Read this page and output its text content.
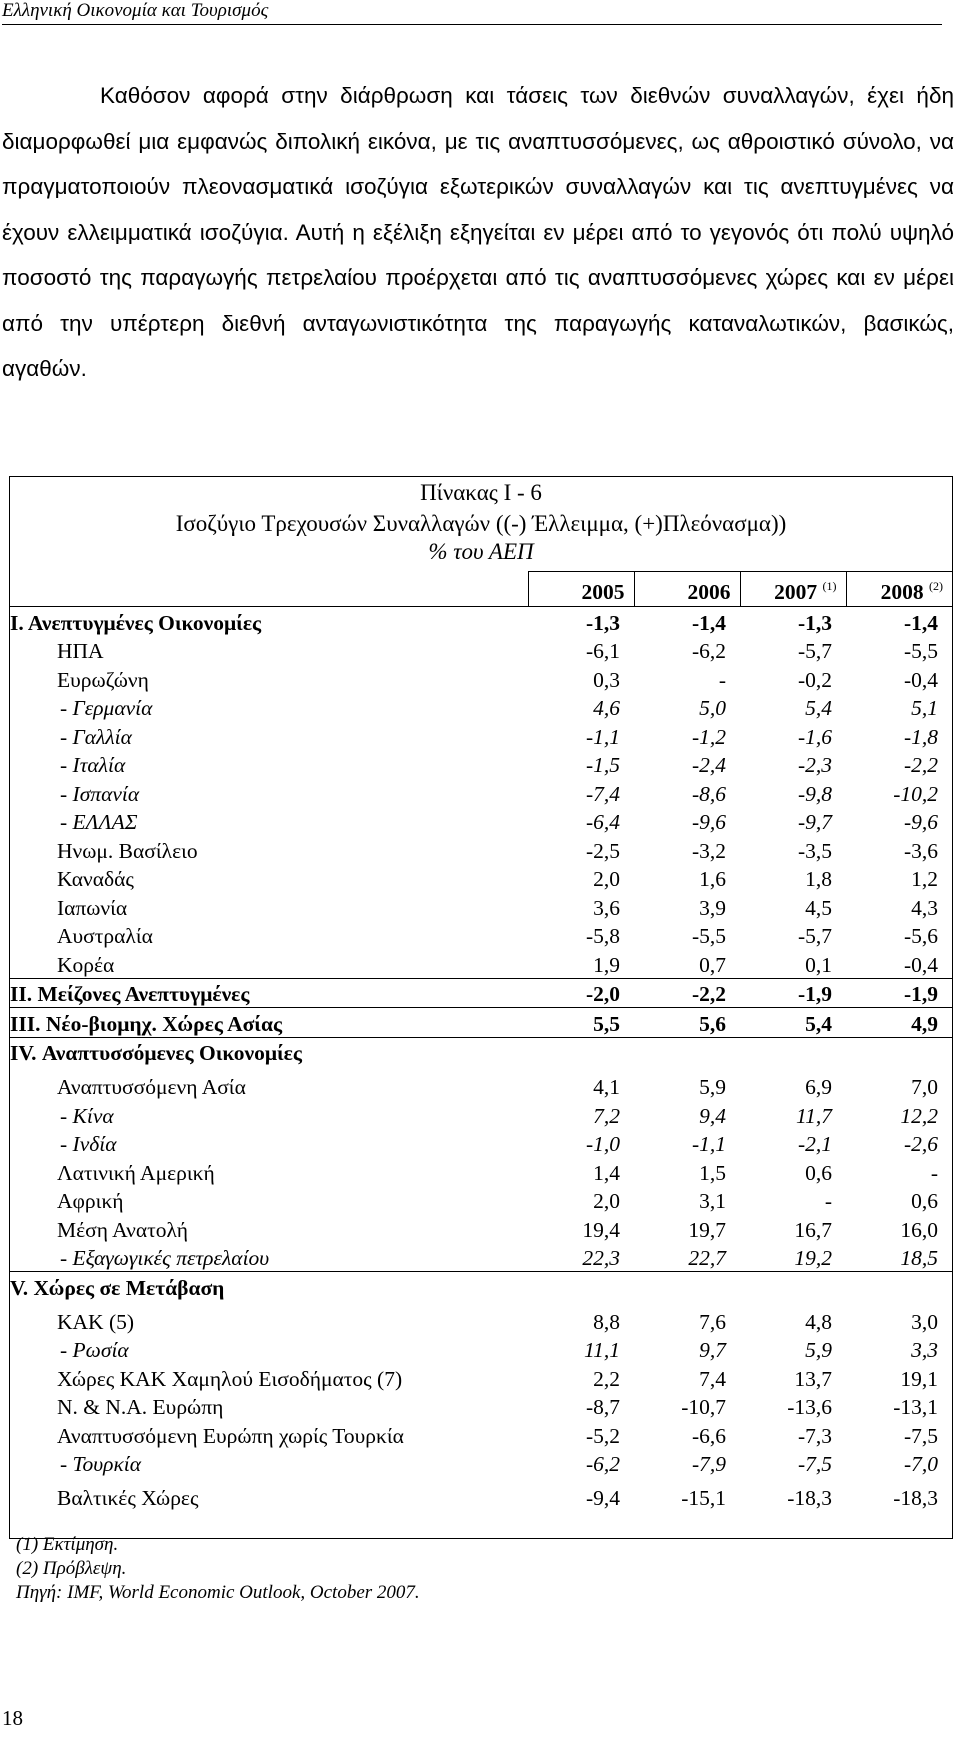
Ελληνική Οικονομία και Τουρισμός

Καθόσον αφορά στην διάρθρωση και τάσεις των διεθνών συναλλαγών, έχει ήδη διαμορφωθεί μια εμφανώς διπολική εικόνα, με τις αναπτυσσόμενες, ως αθροιστικό σύνολο, να πραγματοποιούν πλεονασματικά ισοζύγια εξωτερικών συναλλαγών και τις ανεπτυγμένες να έχουν ελλειμματικά ισοζύγια. Αυτή η εξέλιξη εξηγείται εν μέρει από το γεγονός ότι πολύ υψηλό ποσοστό της παραγωγής πετρελαίου προέρχεται από τις αναπτυσσόμενες χώρες και εν μέρει από την υπέρτερη διεθνή ανταγωνιστικότητα της παραγωγής καταναλωτικών, βασικώς, αγαθών.

Πίνακας Ι - 6
Ισοζύγιο Τρεχουσών Συναλλαγών ((-) Έλλειμμα, (+)Πλεόνασμα))
% του ΑΕΠ
	2005	2006	2007 $^{(1)}$	2008 $^{(2)}$
Ι. Ανεπτυγμένες Οικονομίες	-1,3	-1,4	-1,3	-1,4
ΗΠΑ	-6,1	-6,2	-5,7	-5,5
Ευρωζώνη	0,3	-	-0,2	-0,4
- Γερμανία	4,6	5,0	5,4	5,1
- Γαλλία	-1,1	-1,2	-1,6	-1,8
- Ιταλία	-1,5	-2,4	-2,3	-2,2
- Ισπανία	-7,4	-8,6	-9,8	-10,2
- ΕΛΛΑΣ	-6,4	-9,6	-9,7	-9,6
Ηνωμ. Βασίλειο	-2,5	-3,2	-3,5	-3,6
Καναδάς	2,0	1,6	1,8	1,2
Ιαπωνία	3,6	3,9	4,5	4,3
Αυστραλία	-5,8	-5,5	-5,7	-5,6
Κορέα	1,9	0,7	0,1	-0,4
ΙΙ. Μείζονες Ανεπτυγμένες	-2,0	-2,2	-1,9	-1,9
ΙΙΙ. Νέο-βιομηχ. Χώρες Ασίας	5,5	5,6	5,4	4,9
ΙV. Αναπτυσσόμενες Οικονομίες				
Αναπτυσσόμενη Ασία	4,1	5,9	6,9	7,0
- Κίνα	7,2	9,4	11,7	12,2
- Ινδία	-1,0	-1,1	-2,1	-2,6
Λατινική Αμερική	1,4	1,5	0,6	-
Αφρική	2,0	3,1	-	0,6
Μέση Ανατολή	19,4	19,7	16,7	16,0
- Εξαγωγικές πετρελαίου	22,3	22,7	19,2	18,5
V. Χώρες σε Μετάβαση				
ΚΑΚ (5)	8,8	7,6	4,8	3,0
- Ρωσία	11,1	9,7	5,9	3,3
Χώρες ΚΑΚ Χαμηλού Εισοδήματος (7)	2,2	7,4	13,7	19,1
Ν. & Ν.Α. Ευρώπη	-8,7	-10,7	-13,6	-13,1
Αναπτυσσόμενη Ευρώπη χωρίς Τουρκία	-5,2	-6,6	-7,3	-7,5
- Τουρκία	-6,2	-7,9	-7,5	-7,0
Βαλτικές Χώρες	-9,4	-15,1	-18,3	-18,3
(1) Εκτίμηση.
(2) Πρόβλεψη.
Πηγή: IMF, World Economic Outlook, October 2007.
18
